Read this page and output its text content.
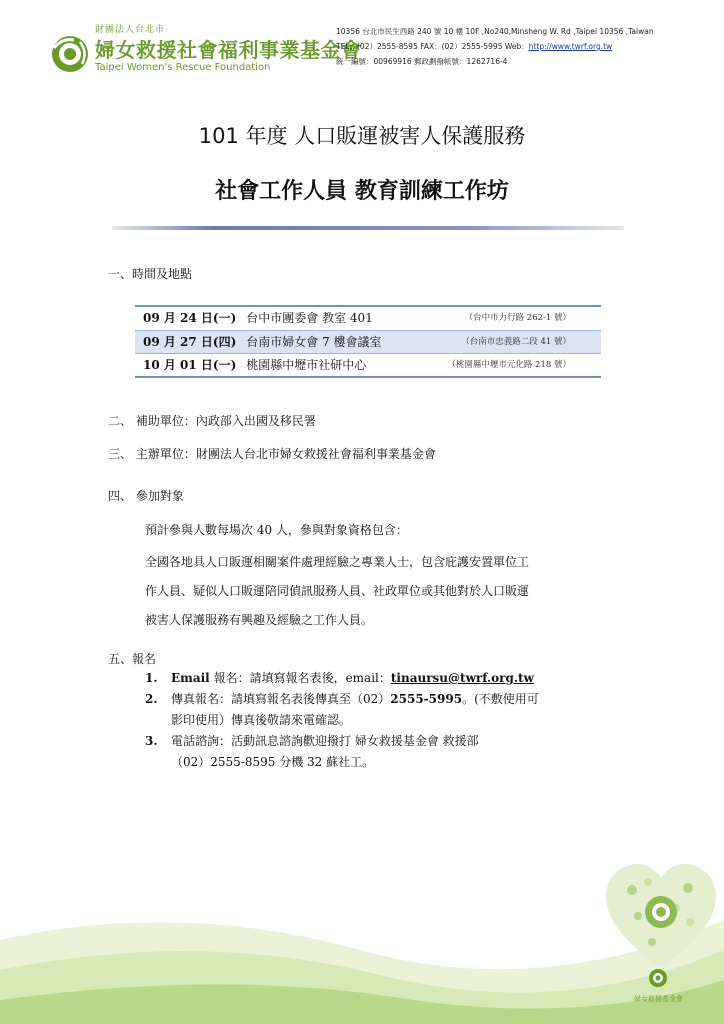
財團法人台北市
婦女救援社會福利事業基金會
Taipei Women's Rescue Foundation
10356 台北市民生西路 240 號 10 樓 10F ,No240,Minsheng W. Rd ,Taipei 10356 ,Taiwan
TEL：(02）2555-8595 FAX：(02）2555-5995 Web：http://www.twrf.org.tw
統一編號：00969916 郵政劃撥帳號：1262716-4
101 年度 人口販運被害人保護服務
社會工作人員 教育訓練工作坊
一、時間及地點
09 月 24 日(一) 台中市團委會 教室 401	（台中市力行路 262-1 號）
09 月 27 日(四) 台南市婦女會 7 樓會議室	（台南市忠義路二段 41 號）
10 月 01 日(一) 桃園縣中壢市社研中心	（桃園縣中壢市元化路 218 號）
二、 補助單位：內政部入出國及移民署
三、 主辦單位：財團法人台北市婦女救援社會福利事業基金會
四、 參加對象
預計參與人數每場次 40 人，參與對象資格包含：
全國各地具人口販運相關案件處理經驗之專業人士，包含庇護安置單位工
作人員、疑似人口販運陪同偵訊服務人員、社政單位或其他對於人口販運
被害人保護服務有興趣及經驗之工作人員。
五、報名
1. Email 報名：請填寫報名表後，email：tinaursu@twrf.org.tw
2. 傳真報名：請填寫報名表後傳真至（02）2555-5995。(不敷使用可
影印使用）傳真後敬請來電確認。
3. 電話諮詢：活動訊息諮詢歡迎撥打 婦女救援基金會 救援部
（02）2555-8595 分機 32 蘇社工。
婦女救援基金會
